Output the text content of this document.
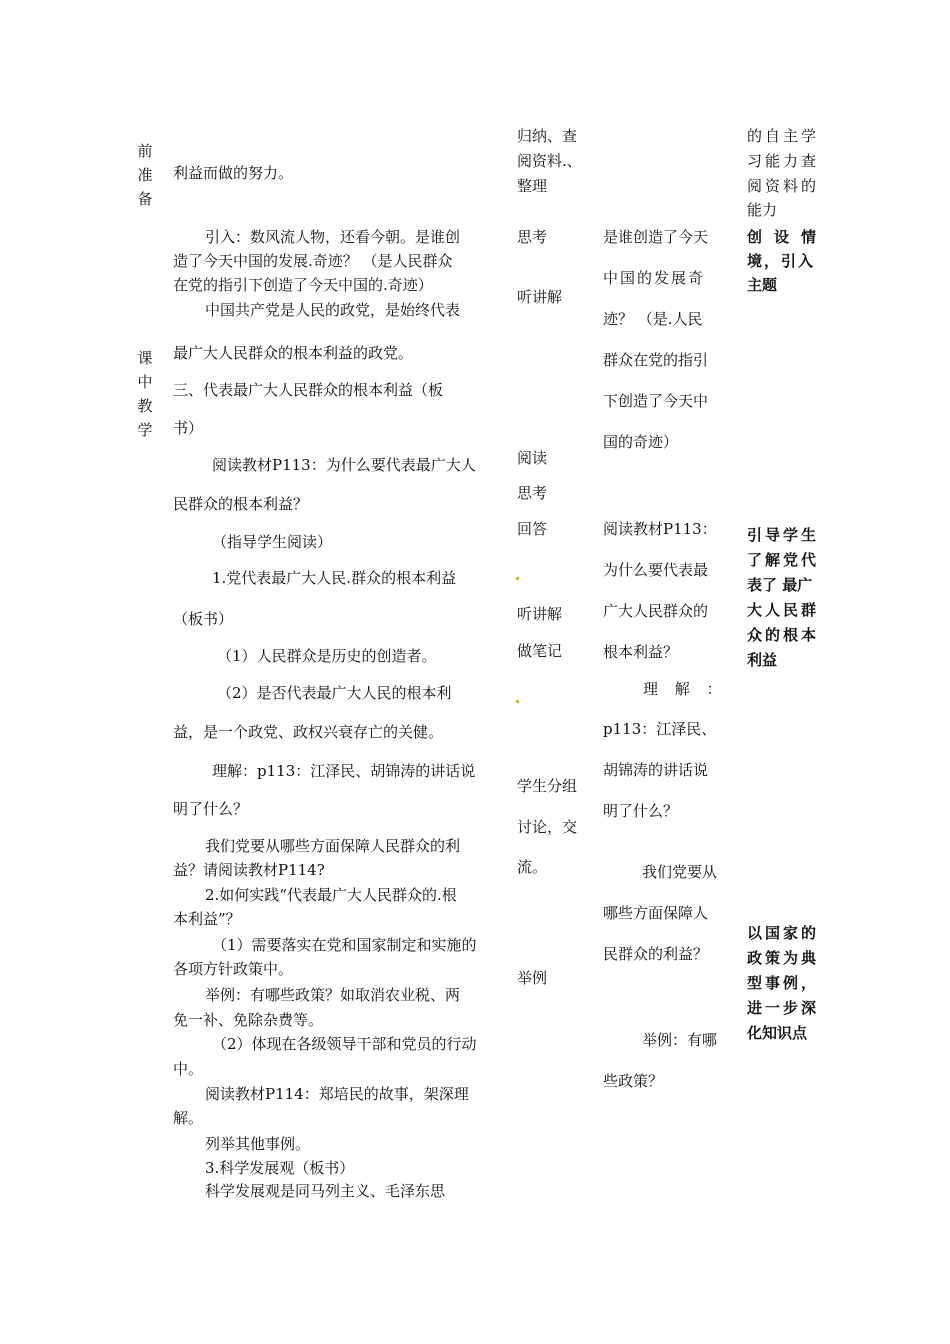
前
准
备
课
中
教
学
利益而做的努力。
引入：数风流人物，还看今朝。是谁创
造了今天中国的发展.奇迹？ （是人民群众
在党的指引下创造了今天中国的.奇迹）
中国共产党是人民的政党，是始终代表
最广大人民群众的根本利益的政党。
三、代表最广大人民群众的根本利益（板
书）
阅读教材P113：为什么要代表最广大人
民群众的根本利益？
（指导学生阅读）
1.党代表最广大人民.群众的根本利益
（板书）
（1）人民群众是历史的创造者。
（2）是否代表最广大人民的根本利
益，是一个政党、政权兴衰存亡的关健。
理解：p113：江泽民、胡锦涛的讲话说
明了什么？
我们党要从哪些方面保障人民群众的利
益？请阅读教材P114?
2.如何实践“代表最广大人民群众的.根
本利益”？
（1）需要落实在党和国家制定和实施的
各项方针政策中。
举例：有哪些政策？如取消农业税、两
免一补、免除杂费等。
（2）体现在各级领导干部和党员的行动
中。
阅读教材P114：郑培民的故事，架深理
解。
列举其他事例。
3.科学发展观（板书）
科学发展观是同马列主义、毛泽东思
归纳、查
阅资料.、
整理
思考
听讲解
阅读
思考
回答
听讲解
做笔记
学生分组
讨论，交
流。
举例
是谁创造了今天
中国的发展奇
迹？ （是.人民
群众在党的指引
下创造了今天中
国的奇迹）
阅读教材P113：
为什么要代表最
广大人民群众的
根本利益？
理 解 ：
p113：江泽民、
胡锦涛的讲话说
明了什么？
我们党要从
哪些方面保障人
民群众的利益？
举例：有哪
些政策？
的自主学
习能力查
阅资料的
能力
创设情
境，引入
主题
引导学生
了解党代
表了 最广
大人民群
众的根本
利益
以国家的
政策为典
型事例，
进一步深
化知识点
